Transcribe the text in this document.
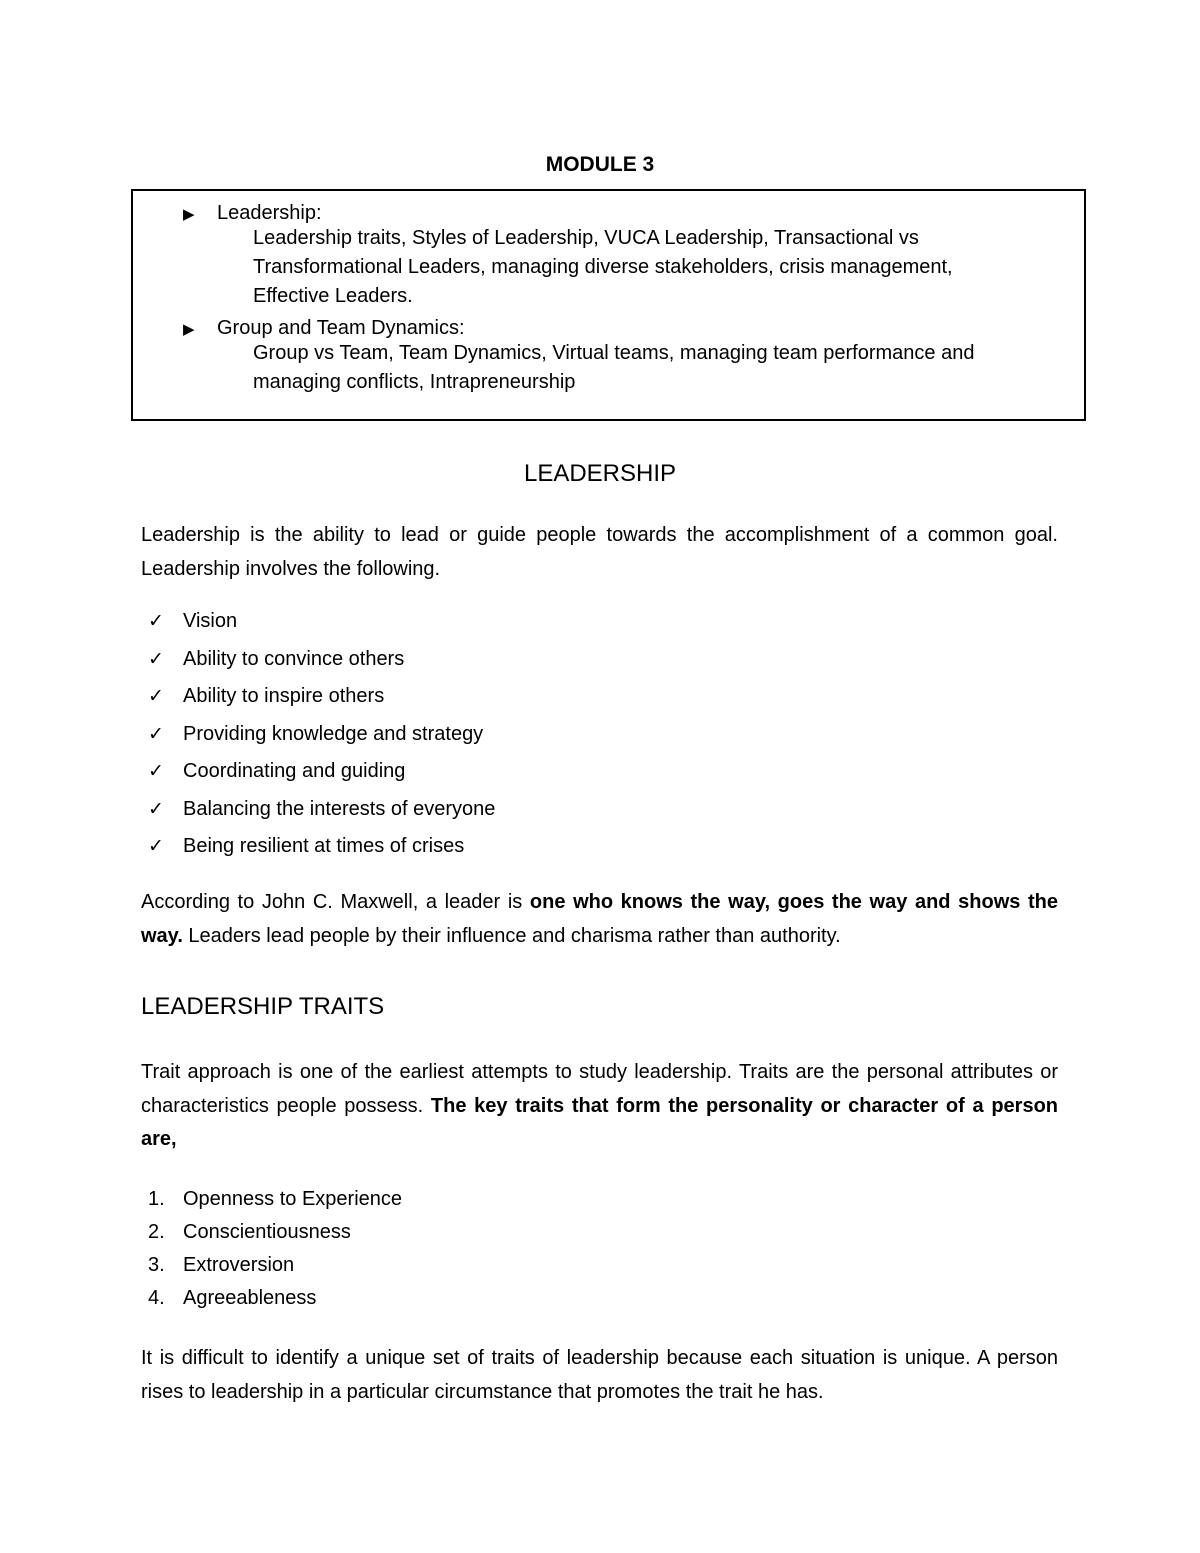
MODULE 3
▶ Leadership:
Leadership traits, Styles of Leadership, VUCA Leadership, Transactional vs
Transformational Leaders, managing diverse stakeholders, crisis management,
Effective Leaders.
▶ Group and Team Dynamics:
Group vs Team, Team Dynamics, Virtual teams, managing team performance and
managing conflicts, Intrapreneurship
LEADERSHIP

Leadership is the ability to lead or guide people towards the accomplishment of a common goal. Leadership involves the following.

✓ Vision
✓ Ability to convince others
✓ Ability to inspire others
✓ Providing knowledge and strategy
✓ Coordinating and guiding
✓ Balancing the interests of everyone
✓ Being resilient at times of crises

According to John C. Maxwell, a leader is one who knows the way, goes the way and shows the way. Leaders lead people by their influence and charisma rather than authority.

LEADERSHIP TRAITS

Trait approach is one of the earliest attempts to study leadership. Traits are the personal attributes or characteristics people possess. The key traits that form the personality or character of a person are,

1. Openness to Experience
2. Conscientiousness
3. Extroversion
4. Agreeableness

It is difficult to identify a unique set of traits of leadership because each situation is unique. A person rises to leadership in a particular circumstance that promotes the trait he has.
